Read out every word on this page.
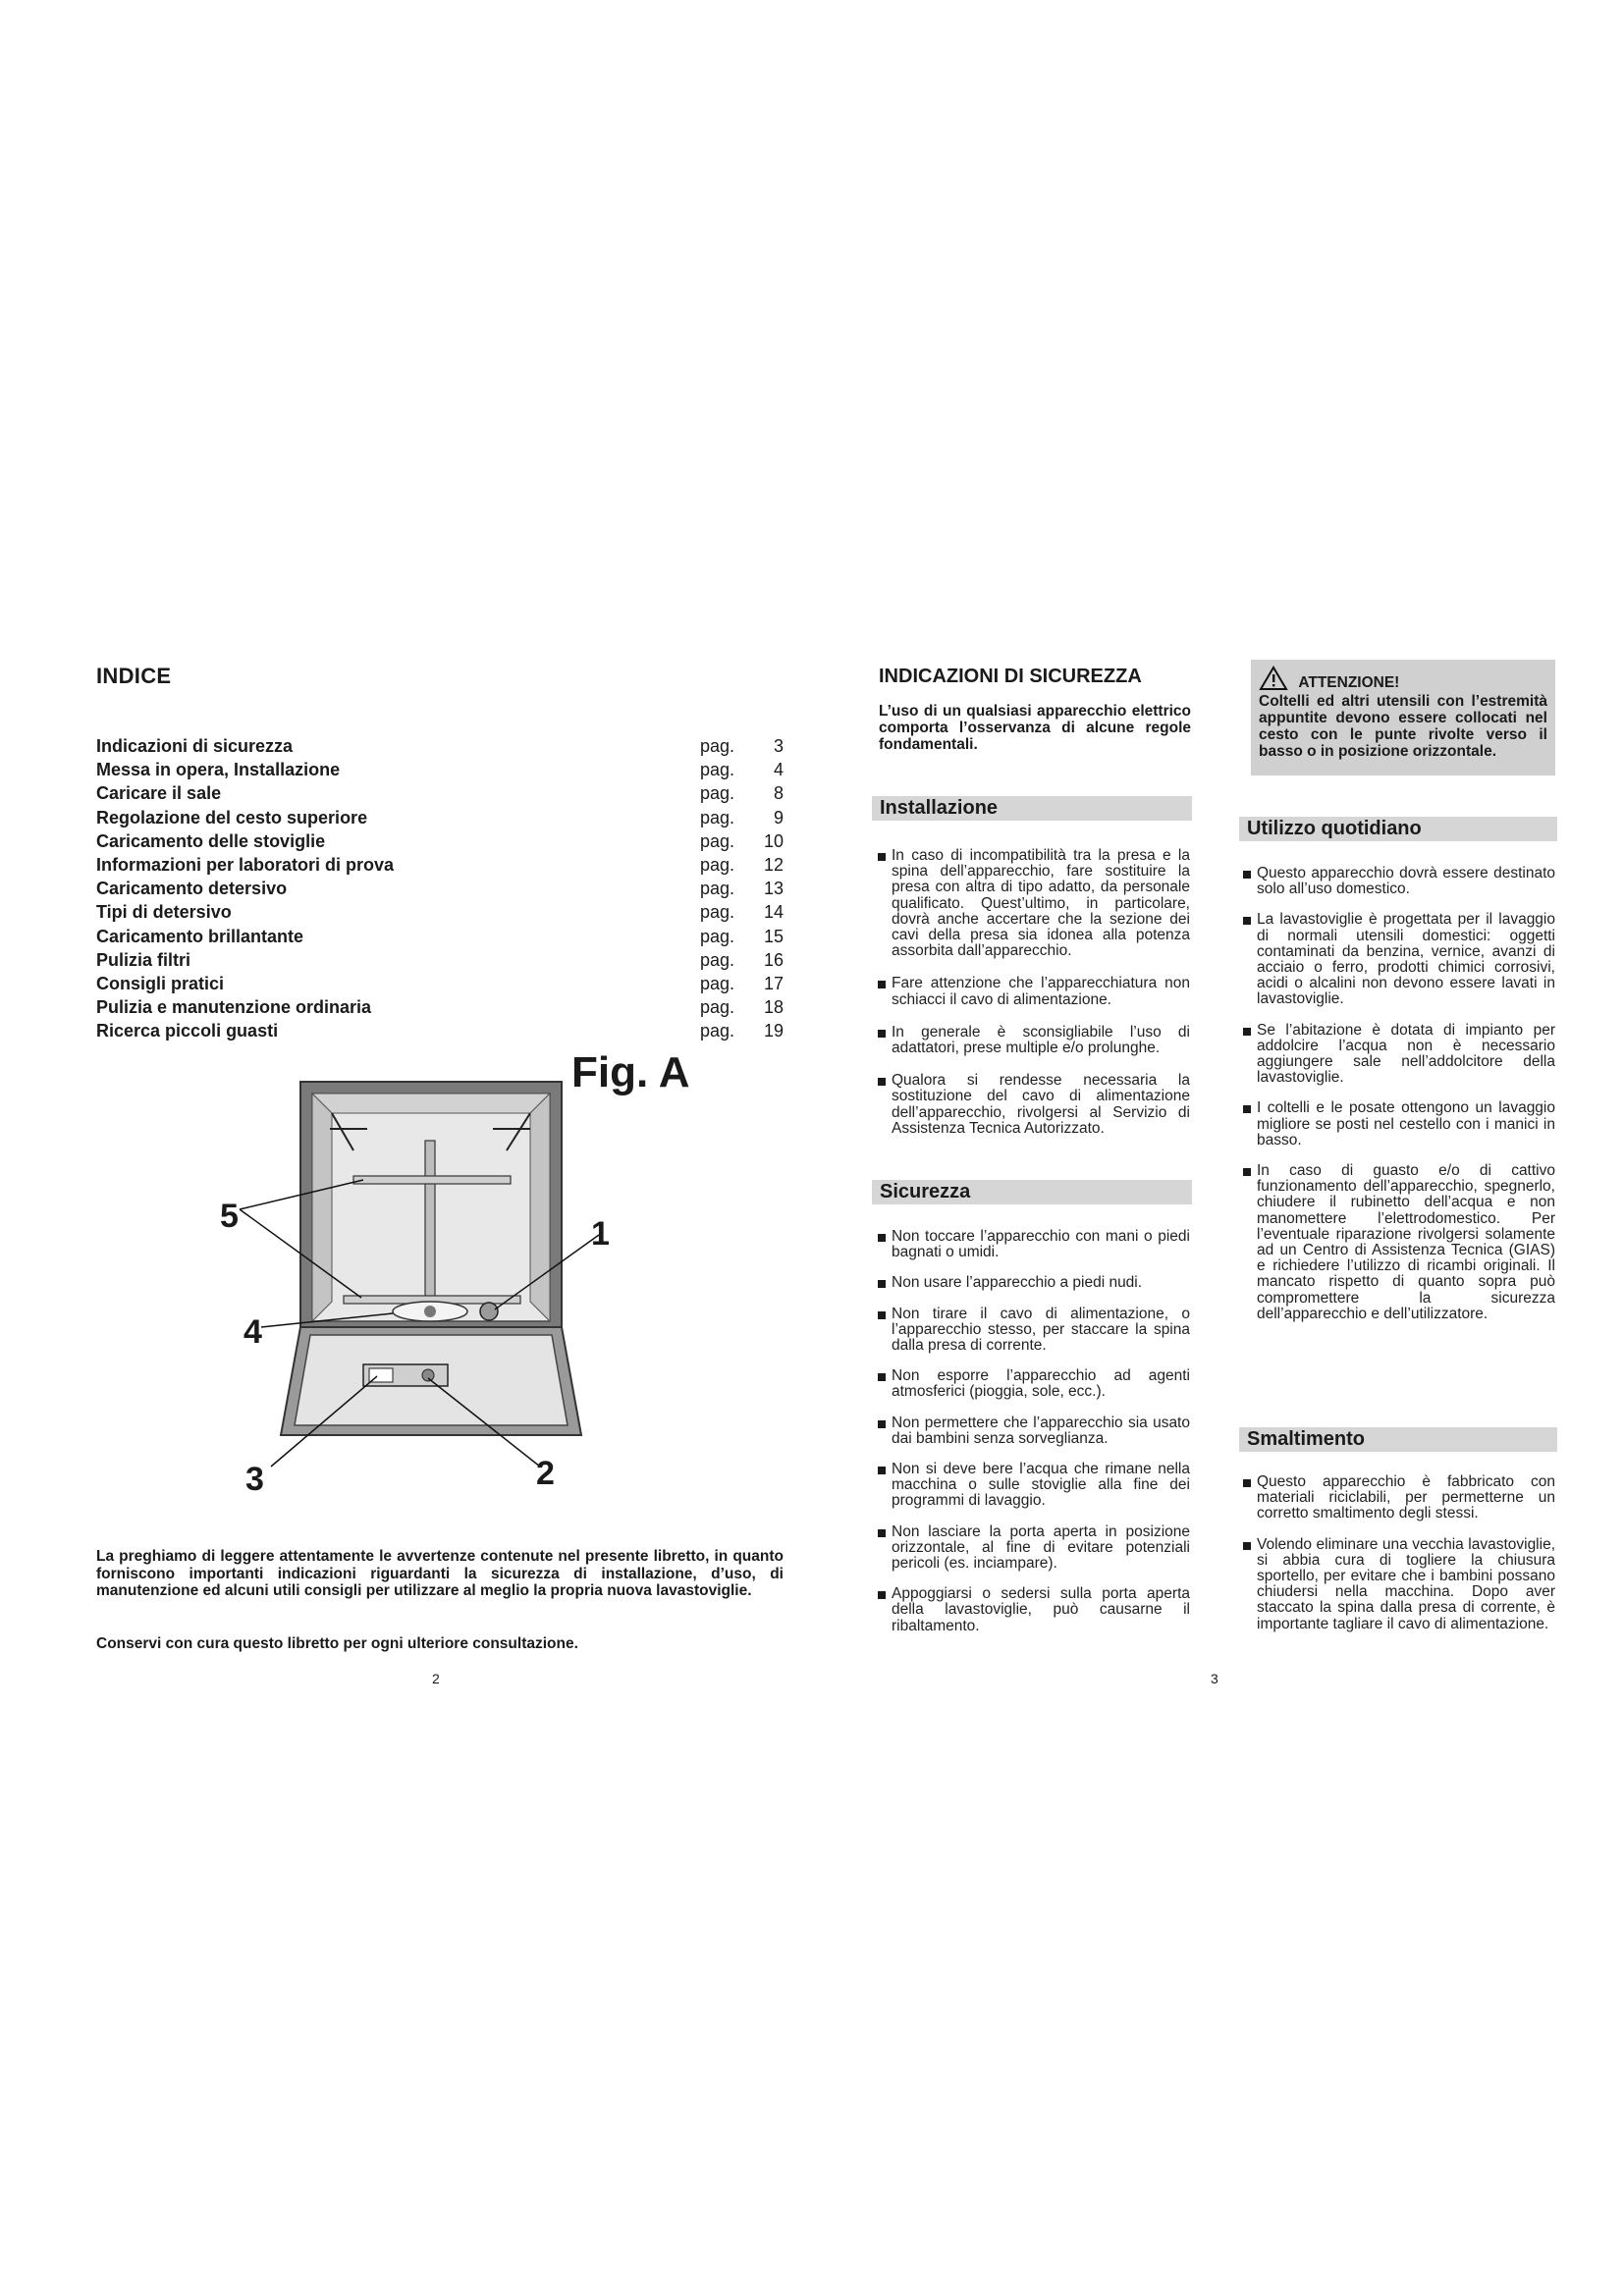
INDICE
Indicazioni di sicurezza	pag.	3
Messa in opera, Installazione	pag.	4
Caricare il sale	pag.	8
Regolazione del cesto superiore	pag.	9
Caricamento delle stoviglie	pag.	10
Informazioni per laboratori di prova	pag.	12
Caricamento detersivo	pag.	13
Tipi di detersivo	pag.	14
Caricamento brillantante	pag.	15
Pulizia filtri	pag.	16
Consigli pratici	pag.	17
Pulizia e manutenzione ordinaria	pag.	18
Ricerca piccoli guasti	pag.	19
Fig. A
5	1
4
3	2
La preghiamo di leggere attentamente le avvertenze contenute nel presente libretto, in quanto forniscono importanti indicazioni riguardanti la sicurezza di installazione, d’uso, di manutenzione ed alcuni utili consigli per utilizzare al meglio la propria nuova lavastoviglie.
Conservi con cura questo libretto per ogni ulteriore consultazione.
2
INDICAZIONI DI SICUREZZA
L’uso di un qualsiasi apparecchio elettrico comporta l’osservanza di alcune regole fondamentali.
Installazione
In caso di incompatibilità tra la presa e la spina dell’apparecchio, fare sostituire la presa con altra di tipo adatto, da personale qualificato. Quest’ultimo, in particolare, dovrà anche accertare che la sezione dei cavi della presa sia idonea alla potenza assorbita dall’apparecchio.
Fare attenzione che l’apparecchiatura non schiacci il cavo di alimentazione.
In generale è sconsigliabile l’uso di adattatori, prese multiple e/o prolunghe.
Qualora si rendesse necessaria la sostituzione del cavo di alimentazione dell’apparecchio, rivolgersi al Servizio di Assistenza Tecnica Autorizzato.
Sicurezza
Non toccare l’apparecchio con mani o piedi bagnati o umidi.
Non usare l’apparecchio a piedi nudi.
Non tirare il cavo di alimentazione, o l’apparecchio stesso, per staccare la spina dalla presa di corrente.
Non esporre l’apparecchio ad agenti atmosferici (pioggia, sole, ecc.).
Non permettere che l’apparecchio sia usato dai bambini senza sorveglianza.
Non si deve bere l’acqua che rimane nella macchina o sulle stoviglie alla fine dei programmi di lavaggio.
Non lasciare la porta aperta in posizione orizzontale, al fine di evitare potenziali pericoli (es. inciampare).
Appoggiarsi o sedersi sulla porta aperta della lavastoviglie, può causarne il ribaltamento.
ATTENZIONE!
Coltelli ed altri utensili con l’estremità appuntite devono essere collocati nel cesto con le punte rivolte verso il basso o in posizione orizzontale.
Utilizzo quotidiano
Questo apparecchio dovrà essere destinato solo all’uso domestico.
La lavastoviglie è progettata per il lavaggio di normali utensili domestici: oggetti contaminati da benzina, vernice, avanzi di acciaio o ferro, prodotti chimici corrosivi, acidi o alcalini non devono essere lavati in lavastoviglie.
Se l’abitazione è dotata di impianto per addolcire l’acqua non è necessario aggiungere sale nell’addolcitore della lavastoviglie.
I coltelli e le posate ottengono un lavaggio migliore se posti nel cestello con i manici in basso.
In caso di guasto e/o di cattivo funzionamento dell’apparecchio, spegnerlo, chiudere il rubinetto dell’acqua e non manomettere l’elettrodomestico. Per l’eventuale riparazione rivolgersi solamente ad un Centro di Assistenza Tecnica (GIAS) e richiedere l’utilizzo di ricambi originali. Il mancato rispetto di quanto sopra può compromettere la sicurezza dell’apparecchio e dell’utilizzatore.
Smaltimento
Questo apparecchio è fabbricato con materiali riciclabili, per permetterne un corretto smaltimento degli stessi.
Volendo eliminare una vecchia lavastoviglie, si abbia cura di togliere la chiusura sportello, per evitare che i bambini possano chiudersi nella macchina. Dopo aver staccato la spina dalla presa di corrente, è importante tagliare il cavo di alimentazione.
3
